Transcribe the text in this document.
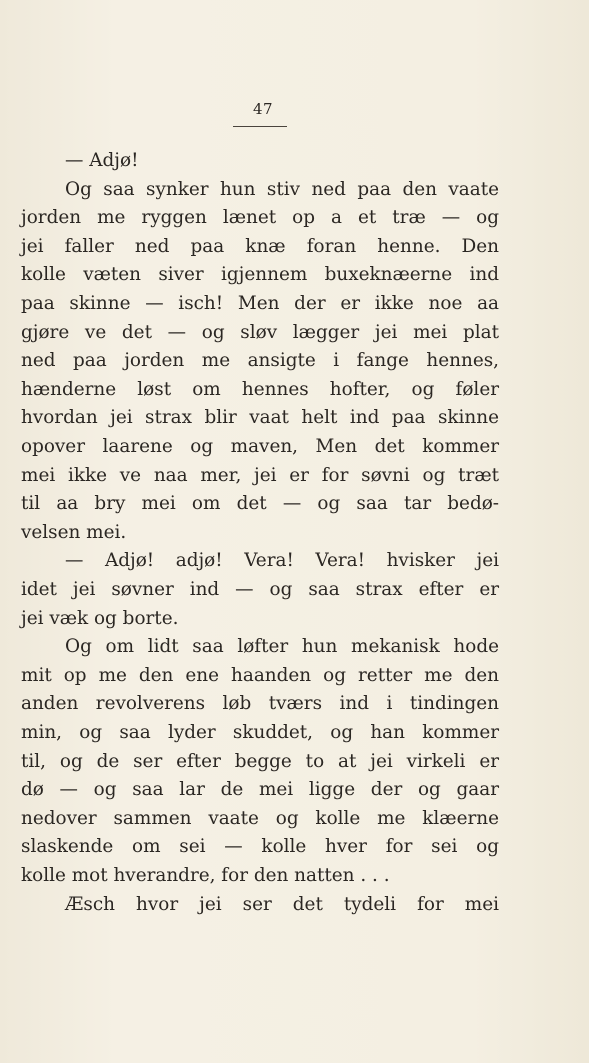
47
— Adjø!
Og saa synker hun stiv ned paa den vaate
jorden me ryggen lænet op a et træ — og
jei faller ned paa knæ foran henne. Den
kolle væten siver igjennem buxeknæerne ind
paa skinne — isch! Men der er ikke noe aa
gjøre ve det — og sløv lægger jei mei plat
ned paa jorden me ansigte i fange hennes,
hænderne løst om hennes hofter, og føler
hvordan jei strax blir vaat helt ind paa skinne
opover laarene og maven, Men det kommer
mei ikke ve naa mer, jei er for søvni og træt
til aa bry mei om det — og saa tar bedø-
velsen mei.
— Adjø! adjø! Vera! Vera! hvisker jei
idet jei søvner ind — og saa strax efter er
jei væk og borte.
Og om lidt saa løfter hun mekanisk hode
mit op me den ene haanden og retter me den
anden revolverens løb tværs ind i tindingen
min, og saa lyder skuddet, og han kommer
til, og de ser efter begge to at jei virkeli er
dø — og saa lar de mei ligge der og gaar
nedover sammen vaate og kolle me klæerne
slaskende om sei — kolle hver for sei og
kolle mot hverandre, for den natten . . .
Æsch hvor jei ser det tydeli for mei
